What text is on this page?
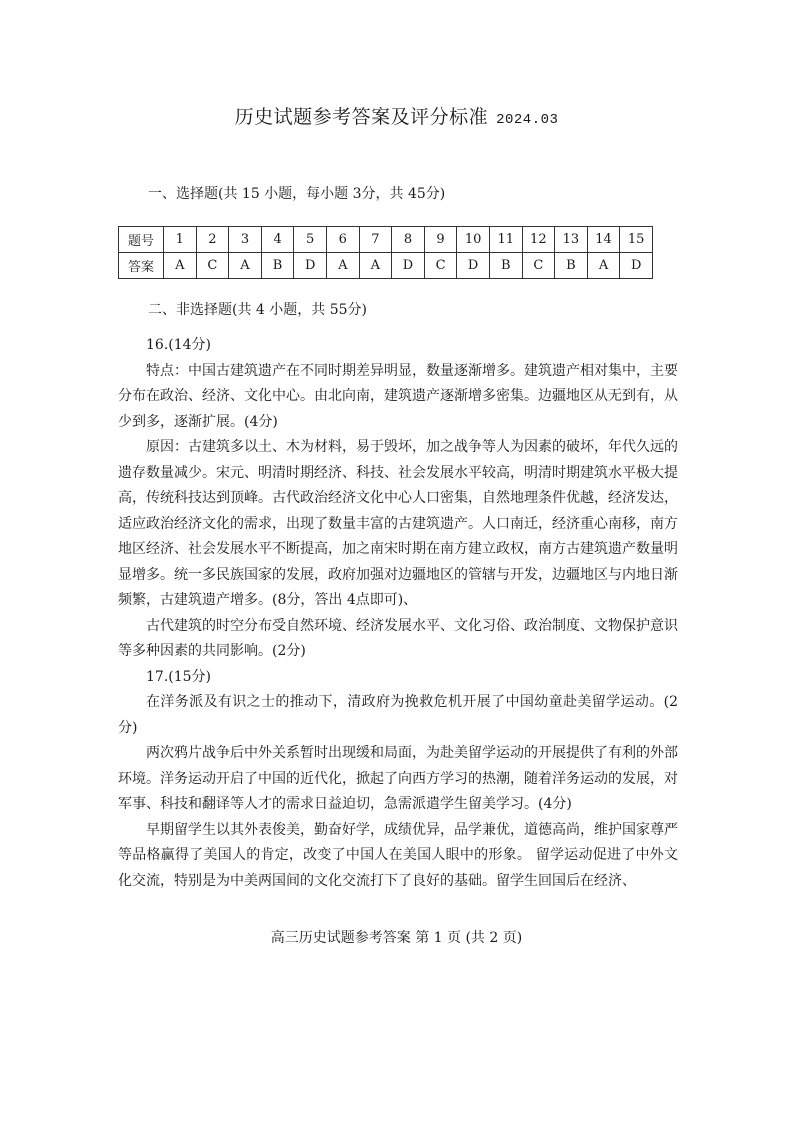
历史试题参考答案及评分标准 2024.03
一、选择题(共 15 小题，每小题 3分，共 45分)
题号	1	2	3	4	5	6	7	8	9	10	11	12	13	14	15
答案	A	C	A	B	D	A	A	D	C	D	B	C	B	A	D
二、非选择题(共 4 小题，共 55分)

16.(14分)

特点：中国古建筑遗产在不同时期差异明显，数量逐渐增多。建筑遗产相对集中，主要分布在政治、经济、文化中心。由北向南，建筑遗产逐渐增多密集。边疆地区从无到有，从少到多，逐渐扩展。(4分)

原因：古建筑多以土、木为材料，易于毁坏，加之战争等人为因素的破坏，年代久远的遗存数量减少。宋元、明清时期经济、科技、社会发展水平较高，明清时期建筑水平极大提高，传统科技达到顶峰。古代政治经济文化中心人口密集，自然地理条件优越，经济发达，适应政治经济文化的需求，出现了数量丰富的古建筑遗产。人口南迁，经济重心南移，南方地区经济、社会发展水平不断提高，加之南宋时期在南方建立政权，南方古建筑遗产数量明显增多。统一多民族国家的发展，政府加强对边疆地区的管辖与开发，边疆地区与内地日渐频繁，古建筑遗产增多。(8分，答出 4点即可)、

古代建筑的时空分布受自然环境、经济发展水平、文化习俗、政治制度、文物保护意识等多种因素的共同影响。(2分)

17.(15分)

在洋务派及有识之士的推动下，清政府为挽救危机开展了中国幼童赴美留学运动。(2分)

两次鸦片战争后中外关系暂时出现缓和局面，为赴美留学运动的开展提供了有利的外部环境。洋务运动开启了中国的近代化，掀起了向西方学习的热潮，随着洋务运动的发展，对军事、科技和翻译等人才的需求日益迫切，急需派遣学生留美学习。(4分)

早期留学生以其外表俊美，勤奋好学，成绩优异，品学兼优，道德高尚，维护国家尊严等品格赢得了美国人的肯定，改变了中国人在美国人眼中的形象。 留学运动促进了中外文化交流，特别是为中美两国间的文化交流打下了良好的基础。留学生回国后在经济、

高三历史试题参考答案 第 1 页 (共 2 页)
